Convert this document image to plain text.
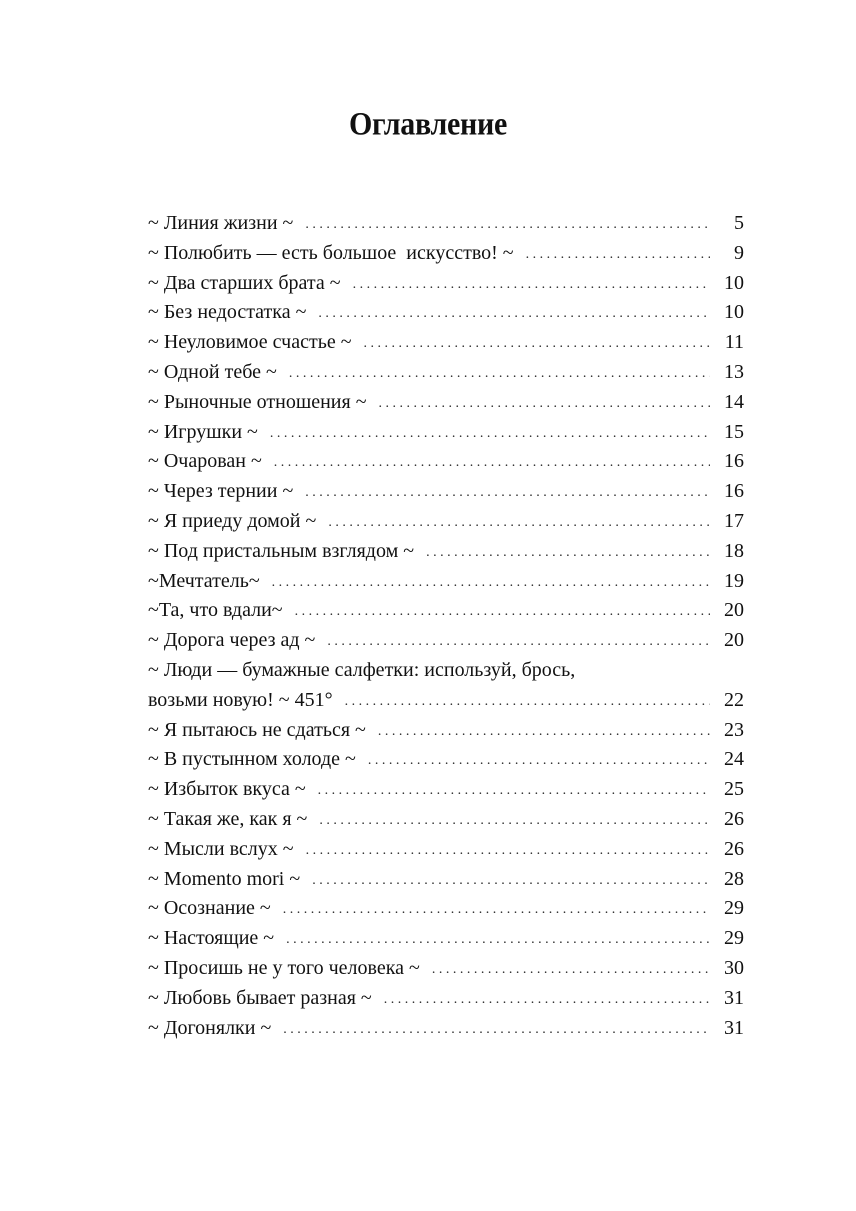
Оглавление
~ Линия жизни ~ . . .	5
~ Полюбить — есть большое  искусство! ~ . . .	9
~ Два старших брата ~ . . .	10
~ Без недостатка ~ . . .	10
~ Неуловимое счастье ~ . . .	11
~ Одной тебе ~ . . .	13
~ Рыночные отношения ~ . . .	14
~ Игрушки ~ . . .	15
~ Очарован ~ . . .	16
~ Через тернии ~ . . .	16
~ Я приеду домой ~ . . .	17
~ Под пристальным взглядом ~ . . .	18
~Мечтатель~ . . .	19
~Та, что вдали~ . . .	20
~ Дорога через ад ~ . . .	20
~ Люди — бумажные салфетки: используй, брось,
возьми новую! ~ 451° . . .	22
~ Я пытаюсь не сдаться ~ . . .	23
~ В пустынном холоде ~ . . .	24
~ Избыток вкуса ~ . . .	25
~ Такая же, как я ~ . . .	26
~ Мысли вслух ~ . . .	26
~ Momento mori ~ . . .	28
~ Осознание ~ . . .	29
~ Настоящие ~ . . .	29
~ Просишь не у того человека ~ . . .	30
~ Любовь бывает разная ~ . . .	31
~ Догонялки ~ . . .	31
